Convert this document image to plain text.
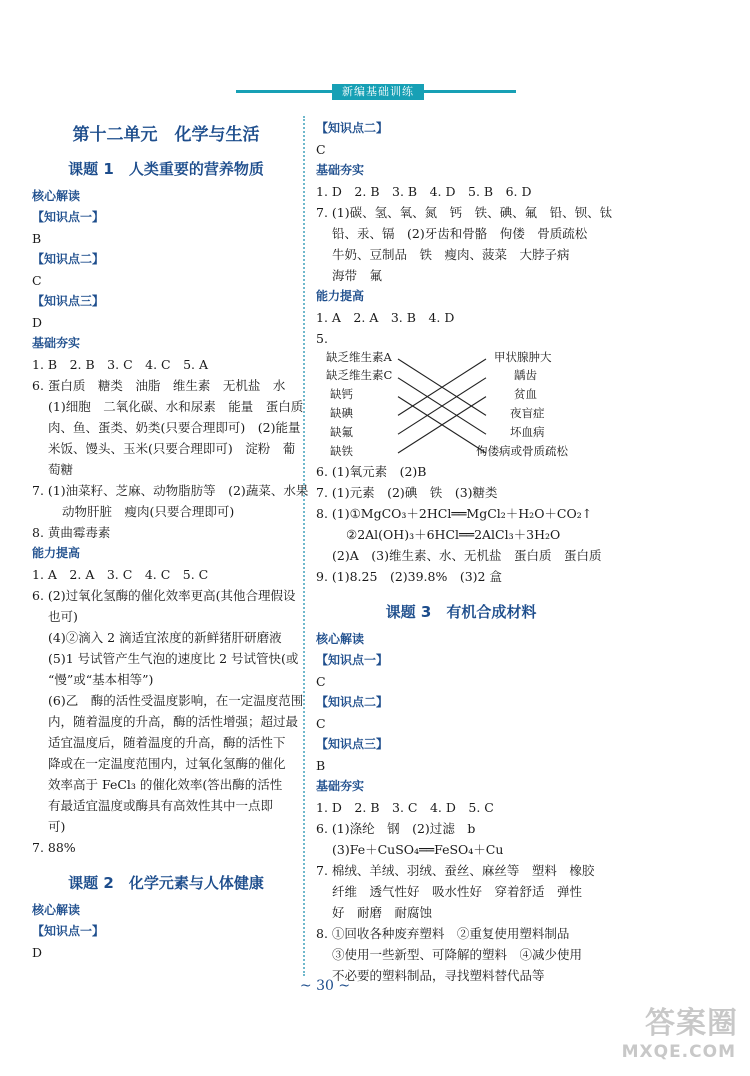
新编基础训练
第十二单元　化学与生活
课题 1　人类重要的营养物质
核心解读
【知识点一】
B
【知识点二】
C
【知识点三】
D
基础夯实
1. B　2. B　3. C　4. C　5. A
6. 蛋白质　糖类　油脂　维生素　无机盐　水
(1)细胞　二氧化碳、水和尿素　能量　蛋白质
肉、鱼、蛋类、奶类(只要合理即可)　(2)能量
米饭、馒头、玉米(只要合理即可)　淀粉　葡
萄糖
7. (1)油菜籽、芝麻、动物脂肪等　(2)蔬菜、水果
动物肝脏　瘦肉(只要合理即可)
8. 黄曲霉毒素
能力提高
1. A　2. A　3. C　4. C　5. C
6. (2)过氧化氢酶的催化效率更高(其他合理假设
也可)
(4)②滴入 2 滴适宜浓度的新鲜猪肝研磨液
(5)1 号试管产生气泡的速度比 2 号试管快(或
“慢”或“基本相等”)
(6)乙　酶的活性受温度影响，在一定温度范围
内，随着温度的升高，酶的活性增强；超过最
适宜温度后，随着温度的升高，酶的活性下
降或在一定温度范围内，过氧化氢酶的催化
效率高于 FeCl₃ 的催化效率(答出酶的活性
有最适宜温度或酶具有高效性其中一点即
可)
7. 88%
课题 2　化学元素与人体健康
核心解读
【知识点一】
D
【知识点二】
C
基础夯实
1. D　2. B　3. B　4. D　5. B　6. D
7. (1)碳、氢、氧、氮　钙　铁、碘、氟　铅、钡、钛
铅、汞、镉　(2)牙齿和骨骼　佝偻　骨质疏松
牛奶、豆制品　铁　瘦肉、菠菜　大脖子病
海带　氟
能力提高
1. A　2. A　3. B　4. D
5.
缺乏维生素A
缺乏维生素C
缺钙
缺碘
缺氟
缺铁
甲状腺肿大
龋齿
贫血
夜盲症
坏血病
佝偻病或骨质疏松
6. (1)氧元素　(2)B
7. (1)元素　(2)碘　铁　(3)糖类
8. (1)①MgCO₃＋2HCl══MgCl₂＋H₂O＋CO₂↑
②2Al(OH)₃＋6HCl══2AlCl₃＋3H₂O
(2)A　(3)维生素、水、无机盐　蛋白质　蛋白质
9. (1)8.25　(2)39.8%　(3)2 盒
课题 3　有机合成材料
核心解读
【知识点一】
C
【知识点二】
C
【知识点三】
B
基础夯实
1. D　2. B　3. C　4. D　5. C
6. (1)涤纶　钢　(2)过滤　b
(3)Fe＋CuSO₄══FeSO₄＋Cu
7. 棉绒、羊绒、羽绒、蚕丝、麻丝等　塑料　橡胶
纤维　透气性好　吸水性好　穿着舒适　弹性
好　耐磨　耐腐蚀
8. ①回收各种废弃塑料　②重复使用塑料制品
③使用一些新型、可降解的塑料　④减少使用
不必要的塑料制品，寻找塑料替代品等
~ 30 ~
答案圈
MXQE.COM
